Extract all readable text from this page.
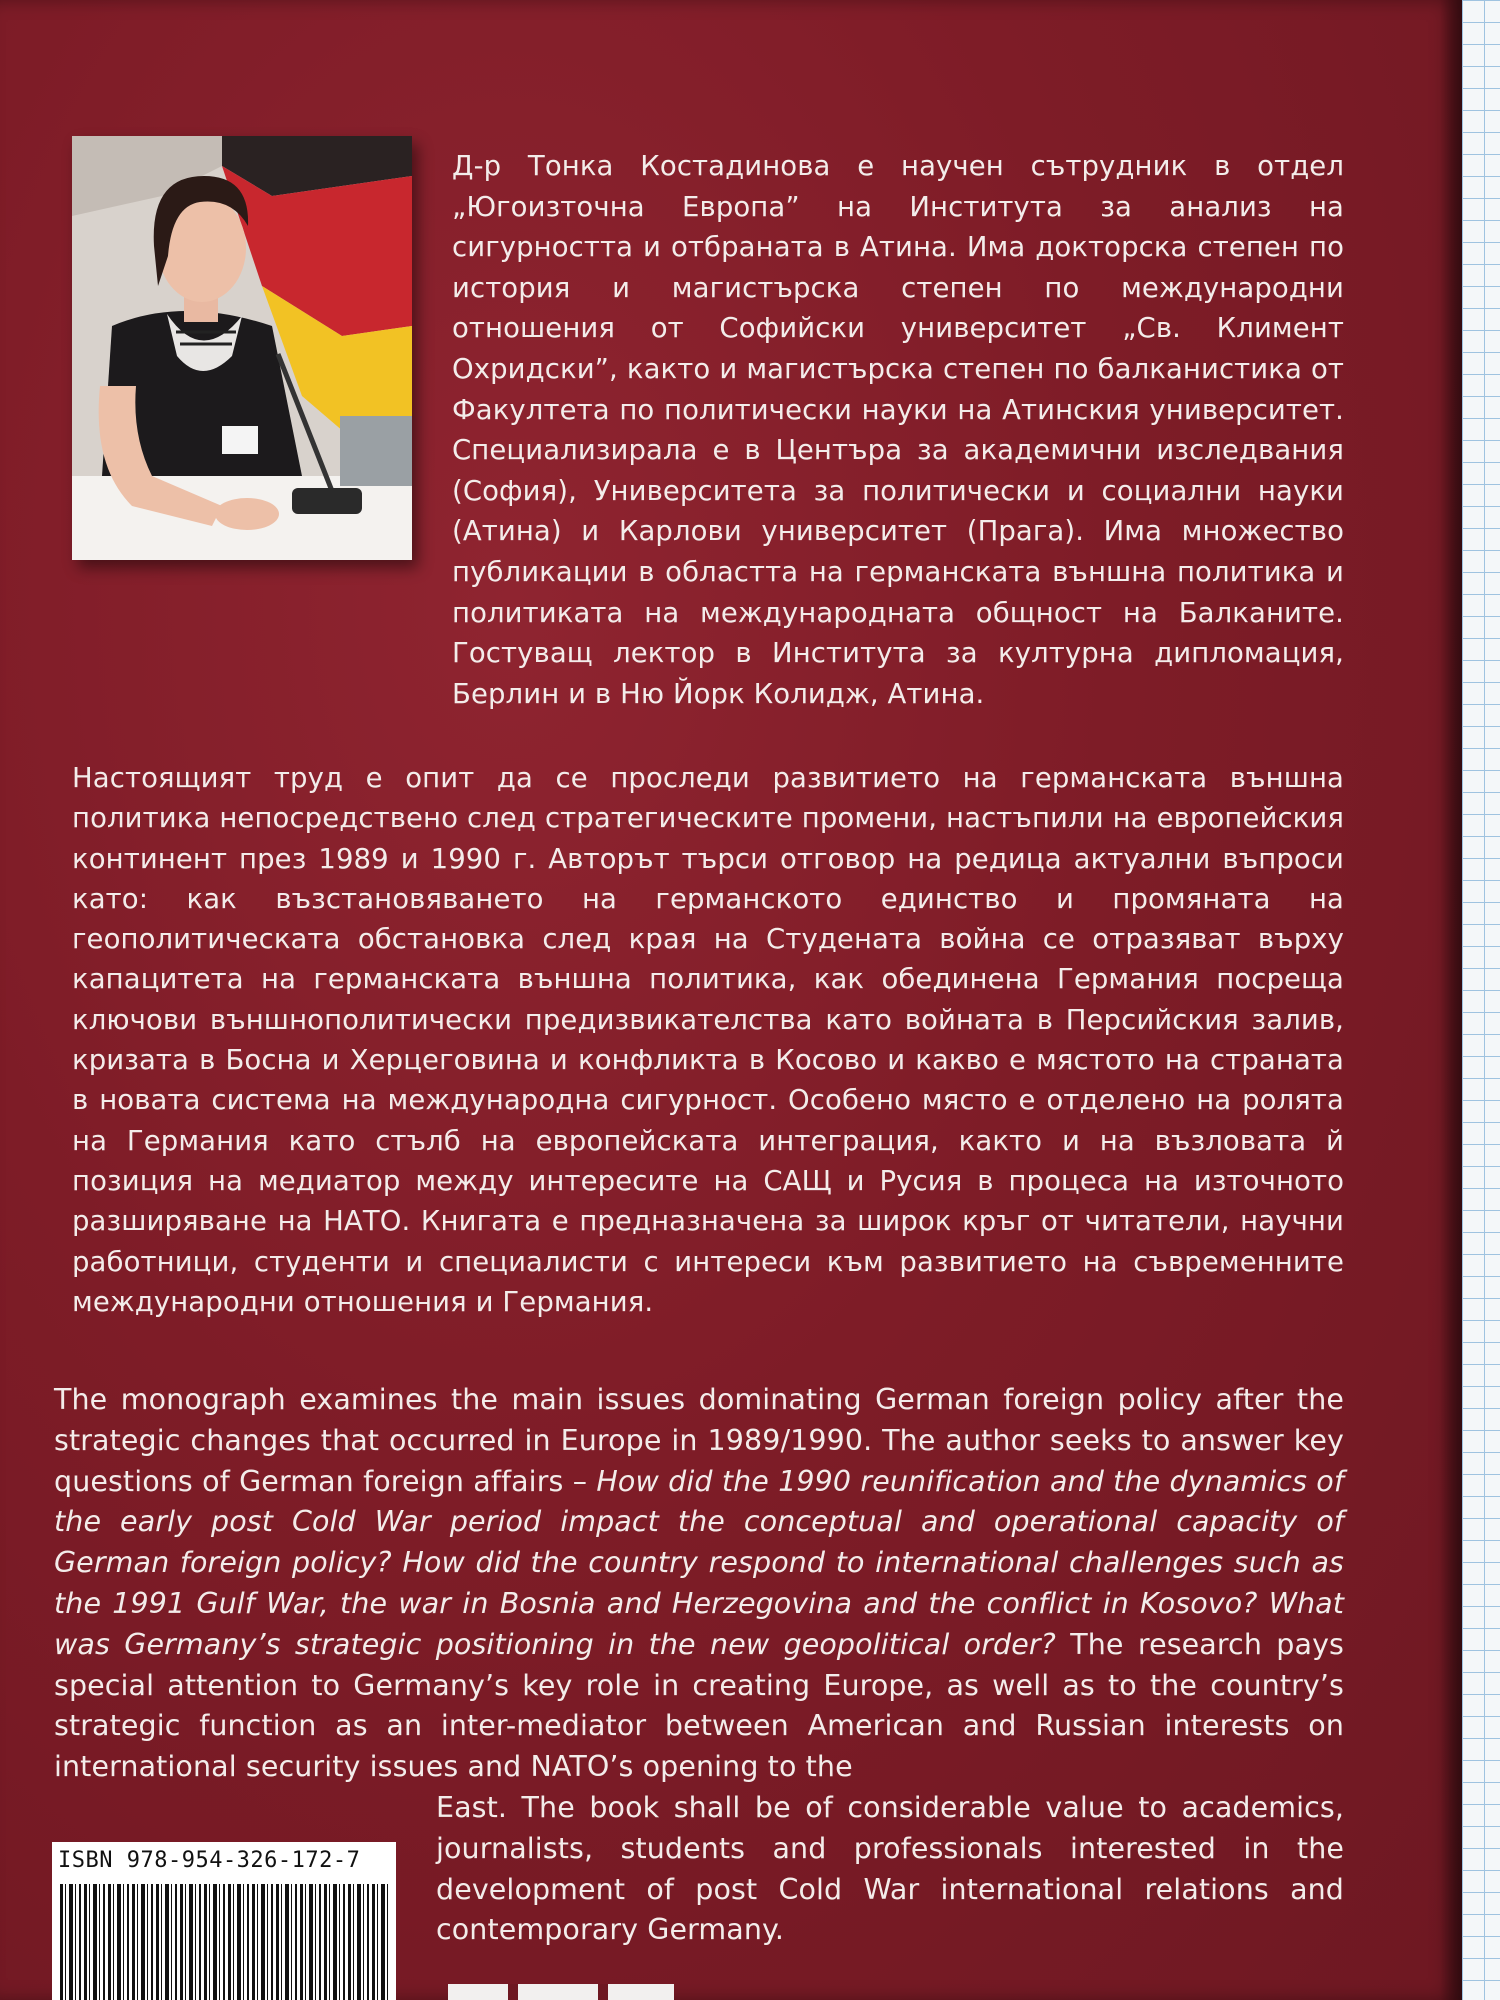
Д-р Тонка Костадинова е научен сътрудник в отдел „Югоизточна Европа” на Института за анализ на сигурността и отбраната в Атина. Има докторска степен по история и магистърска степен по международни отношения от Софийски университет „Св. Климент Охридски”, както и магистърска степен по балканистика от Факултета по политически науки на Атинския университет. Специализирала е в Центъра за академични изследвания (София), Университета за политически и социални науки (Атина) и Карлови университет (Прага). Има множество публикации в областта на германската външна политика и политиката на международната общност на Балканите. Гостуващ лектор в Института за културна дипломация, Берлин и в Ню Йорк Колидж, Атина.
Настоящият труд е опит да се проследи развитието на германската външна политика непосредствено след стратегическите промени, настъпили на европейския континент през 1989 и 1990 г. Авторът търси отговор на редица актуални въпроси като: как възстановяването на германското единство и промяната на геополитическата обстановка след края на Студената война се отразяват върху капацитета на германската външна политика, как обединена Германия посреща ключови външнополитически предизвикателства като войната в Персийския залив, кризата в Босна и Херцеговина и конфликта в Косово и какво е мястото на страната в новата система на международна сигурност. Особено място е отделено на ролята на Германия като стълб на европейската интеграция, както и на възловата й позиция на медиатор между интересите на САЩ и Русия в процеса на източното разширяване на НАТО. Книгата е предназначена за широк кръг от читатели, научни работници, студенти и специалисти с интереси към развитието на съвременните международни отношения и Германия.
The monograph examines the main issues dominating German foreign policy after the strategic changes that occurred in Europe in 1989/1990. The author seeks to answer key questions of German foreign affairs – How did the 1990 reunification and the dynamics of the early post Cold War period impact the conceptual and operational capacity of German foreign policy? How did the country respond to international challenges such as the 1991 Gulf War, the war in Bosnia and Herzegovina and the conflict in Kosovo? What was Germany’s strategic positioning in the new geopolitical order? The research pays special attention to Germany’s key role in creating Europe, as well as to the country’s strategic function as an inter-mediator between American and Russian interests on international security issues and NATO’s opening to the
East. The book shall be of considerable value to academics, journalists, students and professionals interested in the development of post Cold War international relations and contemporary Germany.
ISBN 978-954-326-172-7
